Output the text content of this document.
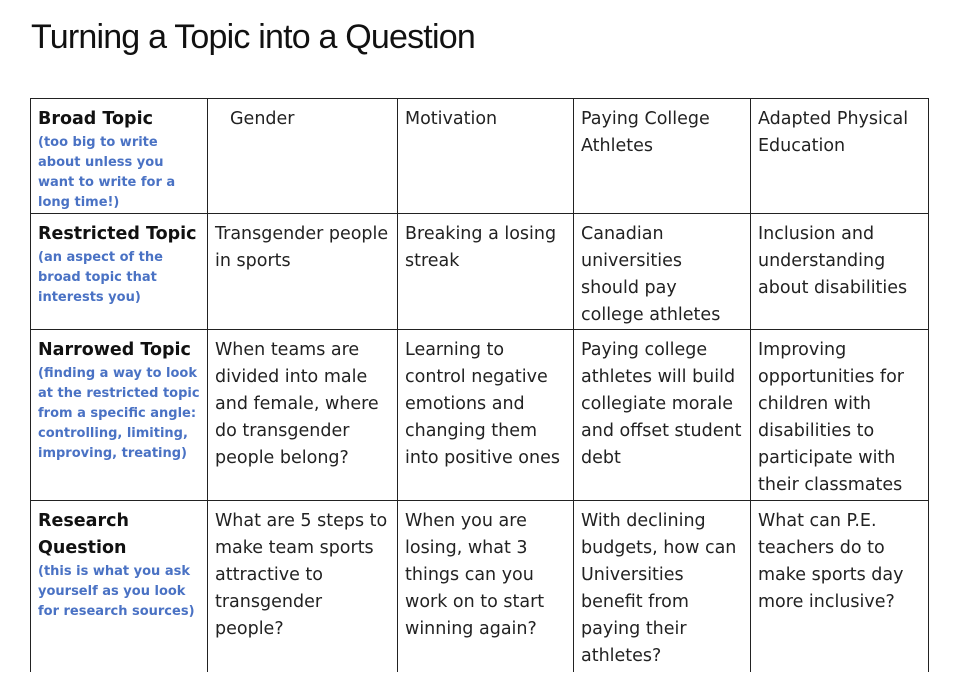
Turning a Topic into a Question
Broad Topic
(too big to write about unless you want to write for a long time!)	Gender	Motivation	Paying College Athletes	Adapted Physical Education

Restricted Topic
(an aspect of the broad topic that interests you)	Transgender people in sports	Breaking a losing streak	Canadian universities should pay college athletes	Inclusion and understanding about disabilities

Narrowed Topic
(finding a way to look at the restricted topic from a specific angle: controlling, limiting, improving, treating)	When teams are divided into male and female, where do transgender people belong?	Learning to control negative emotions and changing them into positive ones	Paying college athletes will build collegiate morale and offset student debt	Improving opportunities for children with disabilities to participate with their classmates

Research Question
(this is what you ask yourself as you look for research sources)	What are 5 steps to make team sports attractive to transgender people?	When you are losing, what 3 things can you work on to start winning again?	With declining budgets, how can Universities benefit from paying their athletes?	What can P.E. teachers do to make sports day more inclusive?
